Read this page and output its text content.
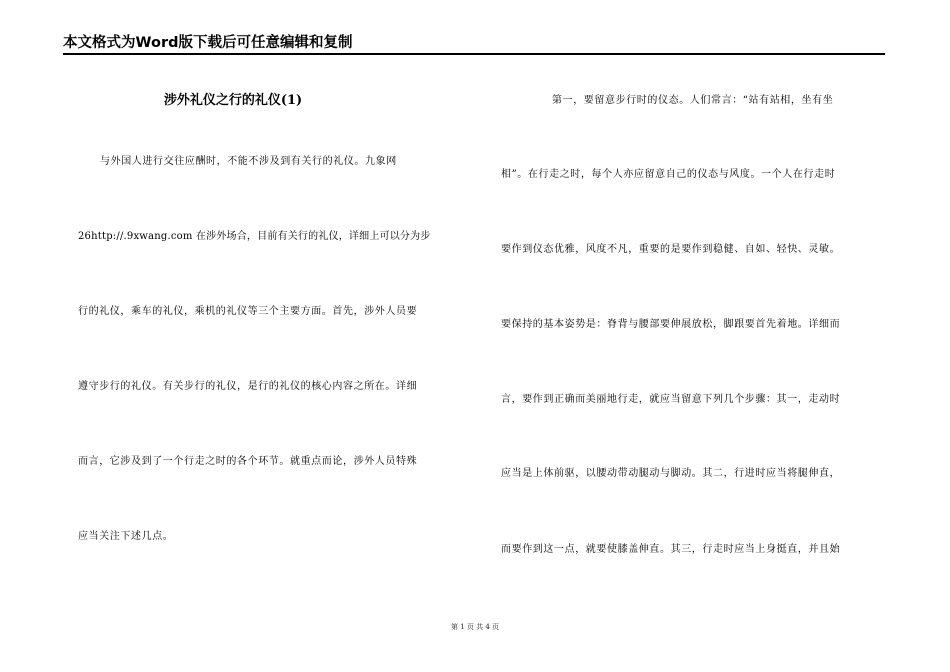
本文格式为Word版下载后可任意编辑和复制
涉外礼仪之行的礼仪(1)
与外国人进行交往应酬时，不能不涉及到有关行的礼仪。九象网
26http://.9xwang.com 在涉外场合，目前有关行的礼仪，详细上可以分为步
行的礼仪，乘车的礼仪，乘机的礼仪等三个主要方面。首先，涉外人员要
遵守步行的礼仪。有关步行的礼仪，是行的礼仪的核心内容之所在。详细
而言，它涉及到了一个行走之时的各个环节。就重点而论，涉外人员特殊
应当关注下述几点。
第一，要留意步行时的仪态。人们常言：“站有站相，坐有坐
相”。在行走之时，每个人亦应留意自己的仪态与风度。一个人在行走时
要作到仪态优雅，风度不凡，重要的是要作到稳健、自如、轻快、灵敏。
要保持的基本姿势是：脊背与腰部要伸展放松，脚跟要首先着地。详细而
言，要作到正确而美丽地行走，就应当留意下列几个步骤：其一，走动时
应当是上体前驱，以腰动带动腿动与脚动。其二，行进时应当将腿伸直，
而要作到这一点，就要使膝盖伸直。其三，行走时应当上身挺直，并且始
第 1 页 共 4 页
